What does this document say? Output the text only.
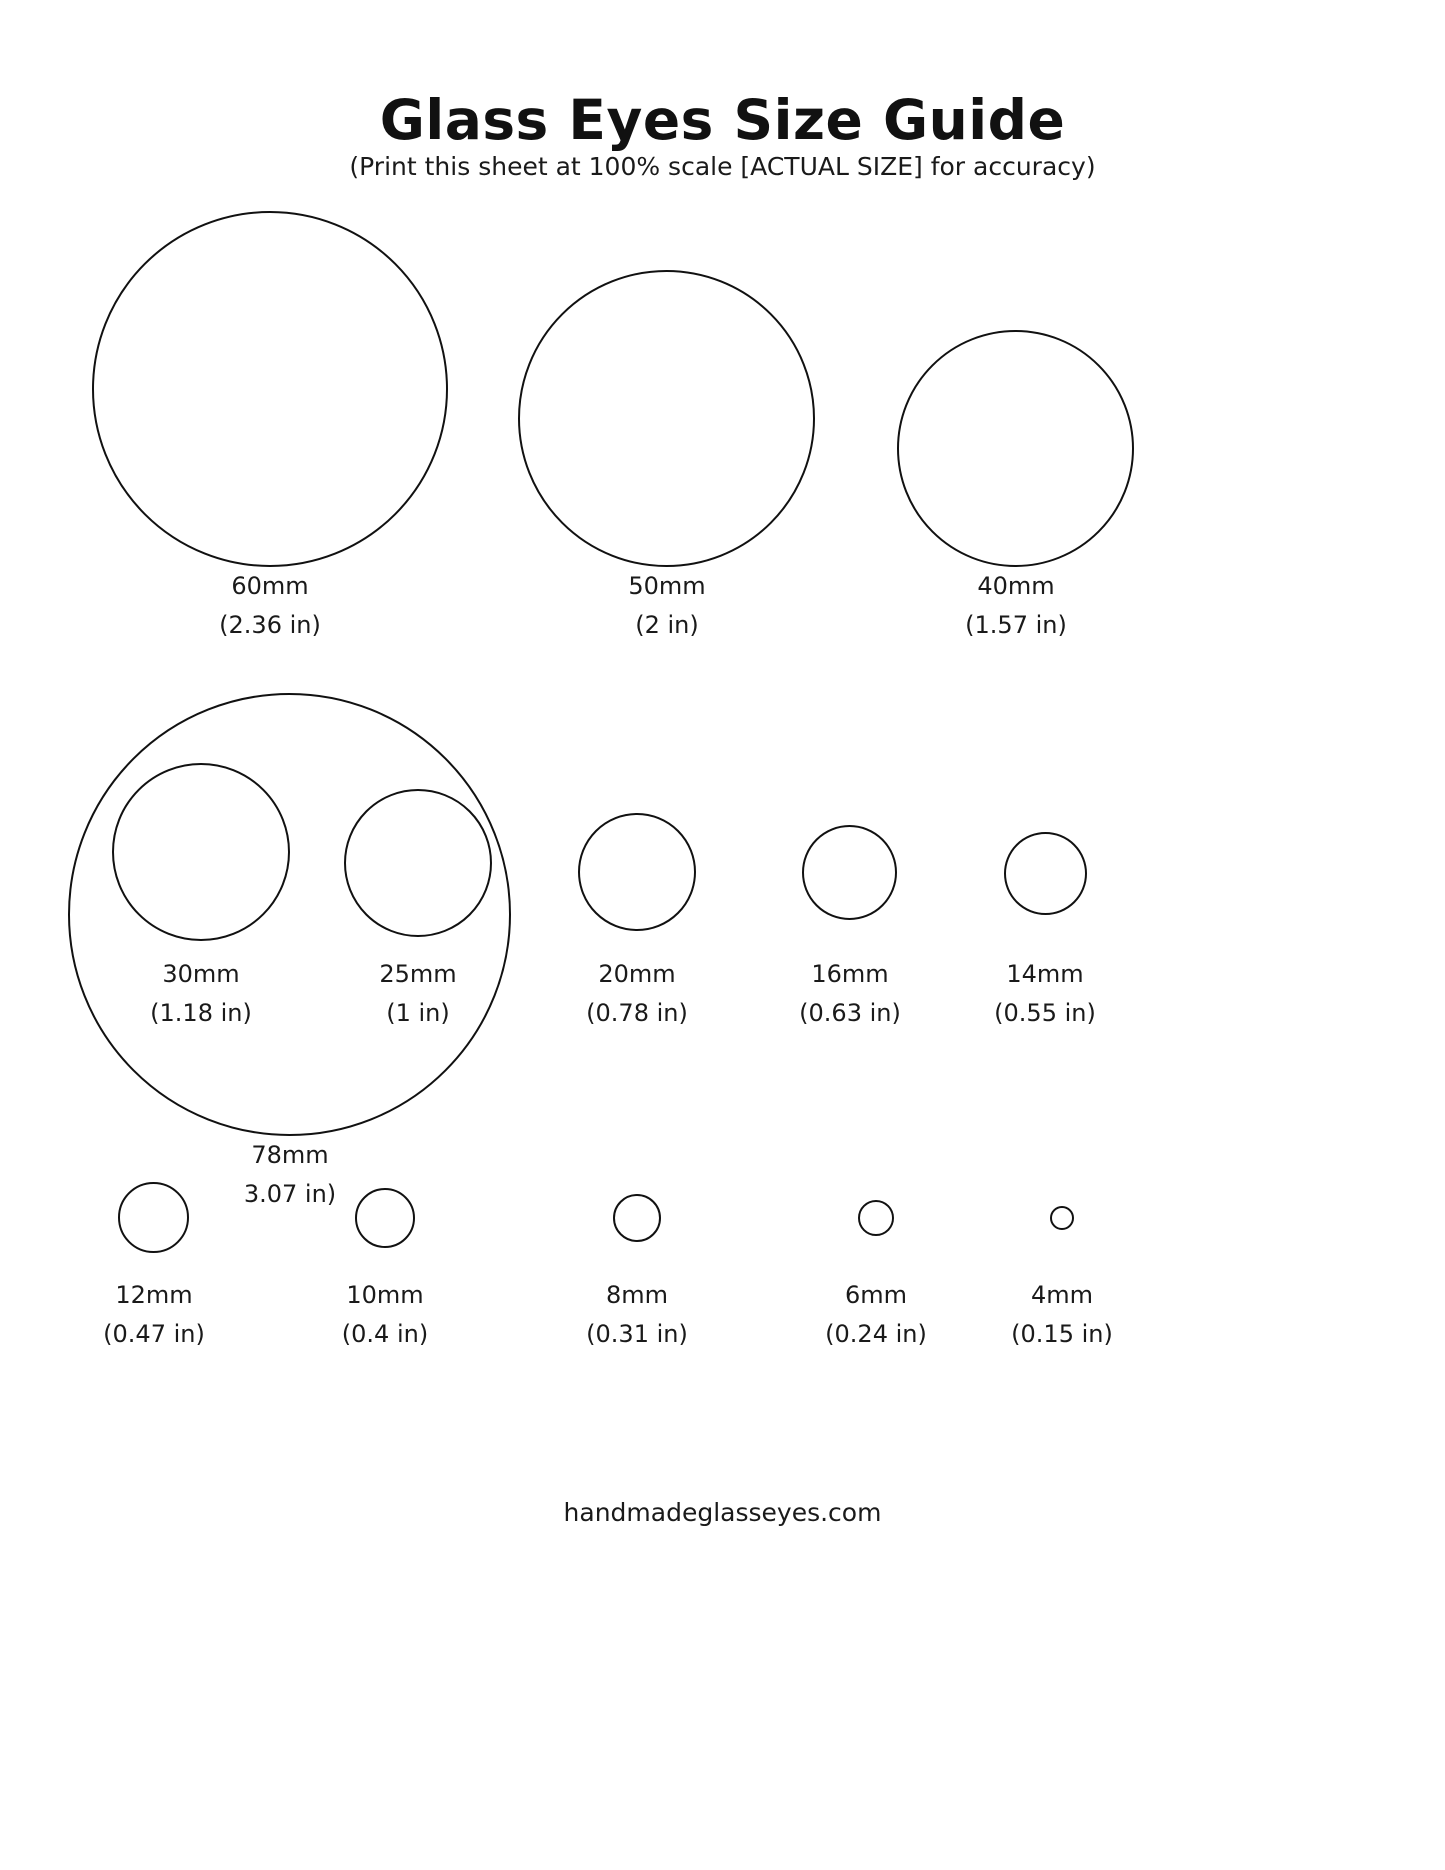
Glass Eyes Size Guide
(Print this sheet at 100% scale [ACTUAL SIZE] for accuracy)
60mm
(2.36 in)
50mm
(2 in)
40mm
(1.57 in)
78mm
3.07 in)
30mm
(1.18 in)
25mm
(1 in)
20mm
(0.78 in)
16mm
(0.63 in)
14mm
(0.55 in)
12mm
(0.47 in)
10mm
(0.4 in)
8mm
(0.31 in)
6mm
(0.24 in)
4mm
(0.15 in)
handmadeglasseyes.com
